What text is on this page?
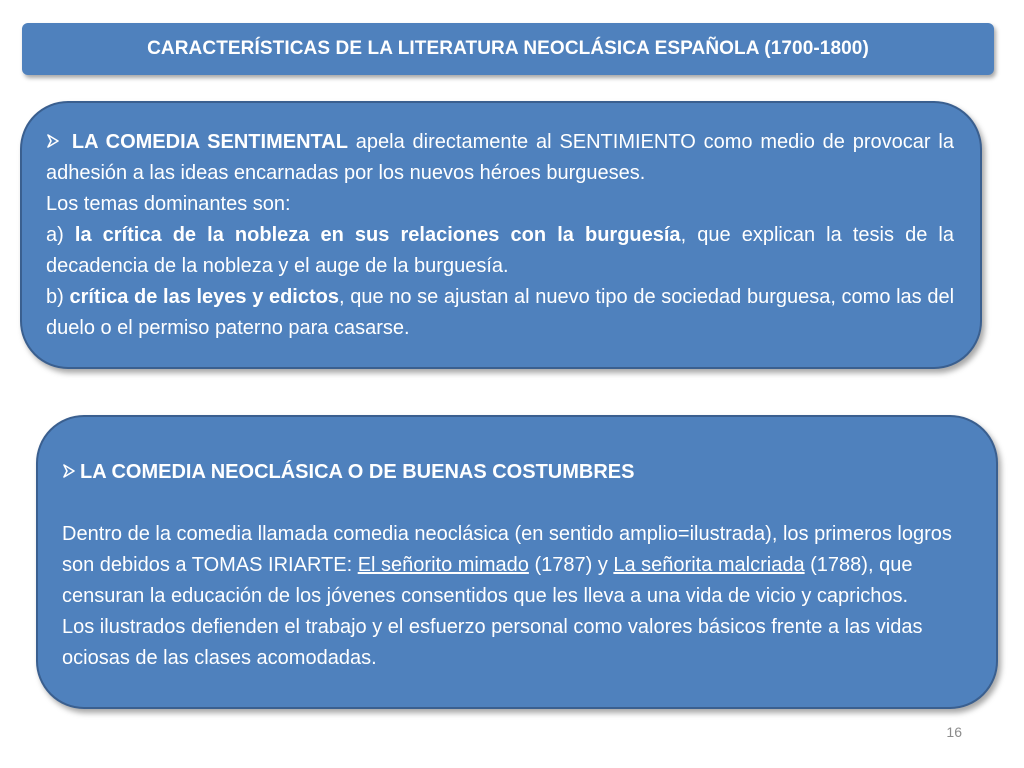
CARACTERÍSTICAS DE LA LITERATURA NEOCLÁSICA ESPAÑOLA (1700-1800)
LA COMEDIA SENTIMENTAL apela directamente al SENTIMIENTO como medio de provocar la adhesión a las ideas encarnadas por los nuevos héroes burgueses.
Los temas dominantes son:
a) la crítica de la nobleza en sus relaciones con la burguesía, que explican la tesis de la decadencia de la nobleza y el auge de la burguesía.
b) crítica de las leyes y edictos, que no se ajustan al nuevo tipo de sociedad burguesa, como las del duelo o el permiso paterno para casarse.
LA COMEDIA NEOCLÁSICA O DE BUENAS COSTUMBRES
Dentro de la comedia llamada comedia neoclásica (en sentido amplio=ilustrada), los primeros logros son debidos a TOMAS IRIARTE: El señorito mimado (1787) y La señorita malcriada (1788), que censuran la educación de los jóvenes consentidos que les lleva a una vida de vicio y caprichos.
Los ilustrados defienden el trabajo y el esfuerzo personal como valores básicos frente a las vidas ociosas de las clases acomodadas.
16
